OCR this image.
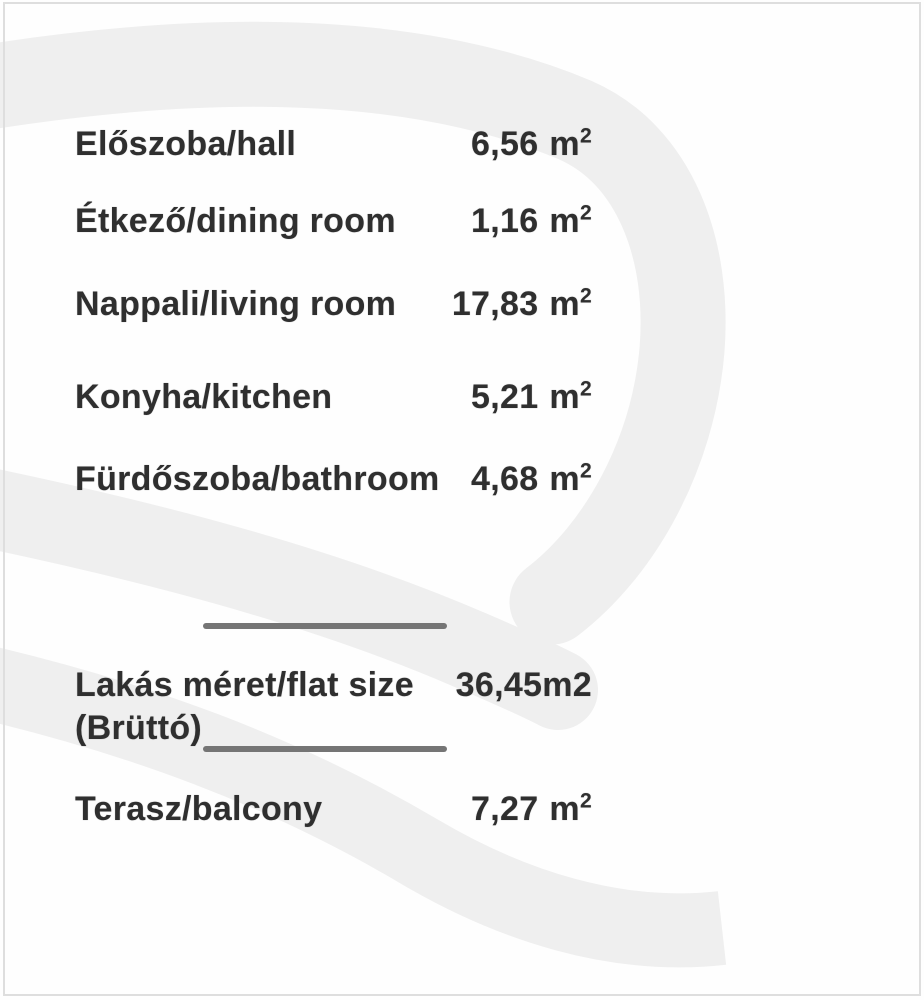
Előszoba/hall	6,56 $m^2$
Étkező/dining room	1,16 $m^2$
Nappali/living room	17,83 $m^2$
Konyha/kitchen	5,21 $m^2$
Fürdőszoba/bathroom 4,68 $m^2$
Lakás méret/flat size	36,45m2
(Brüttó)
Terasz/balcony	7,27 $m^2$
